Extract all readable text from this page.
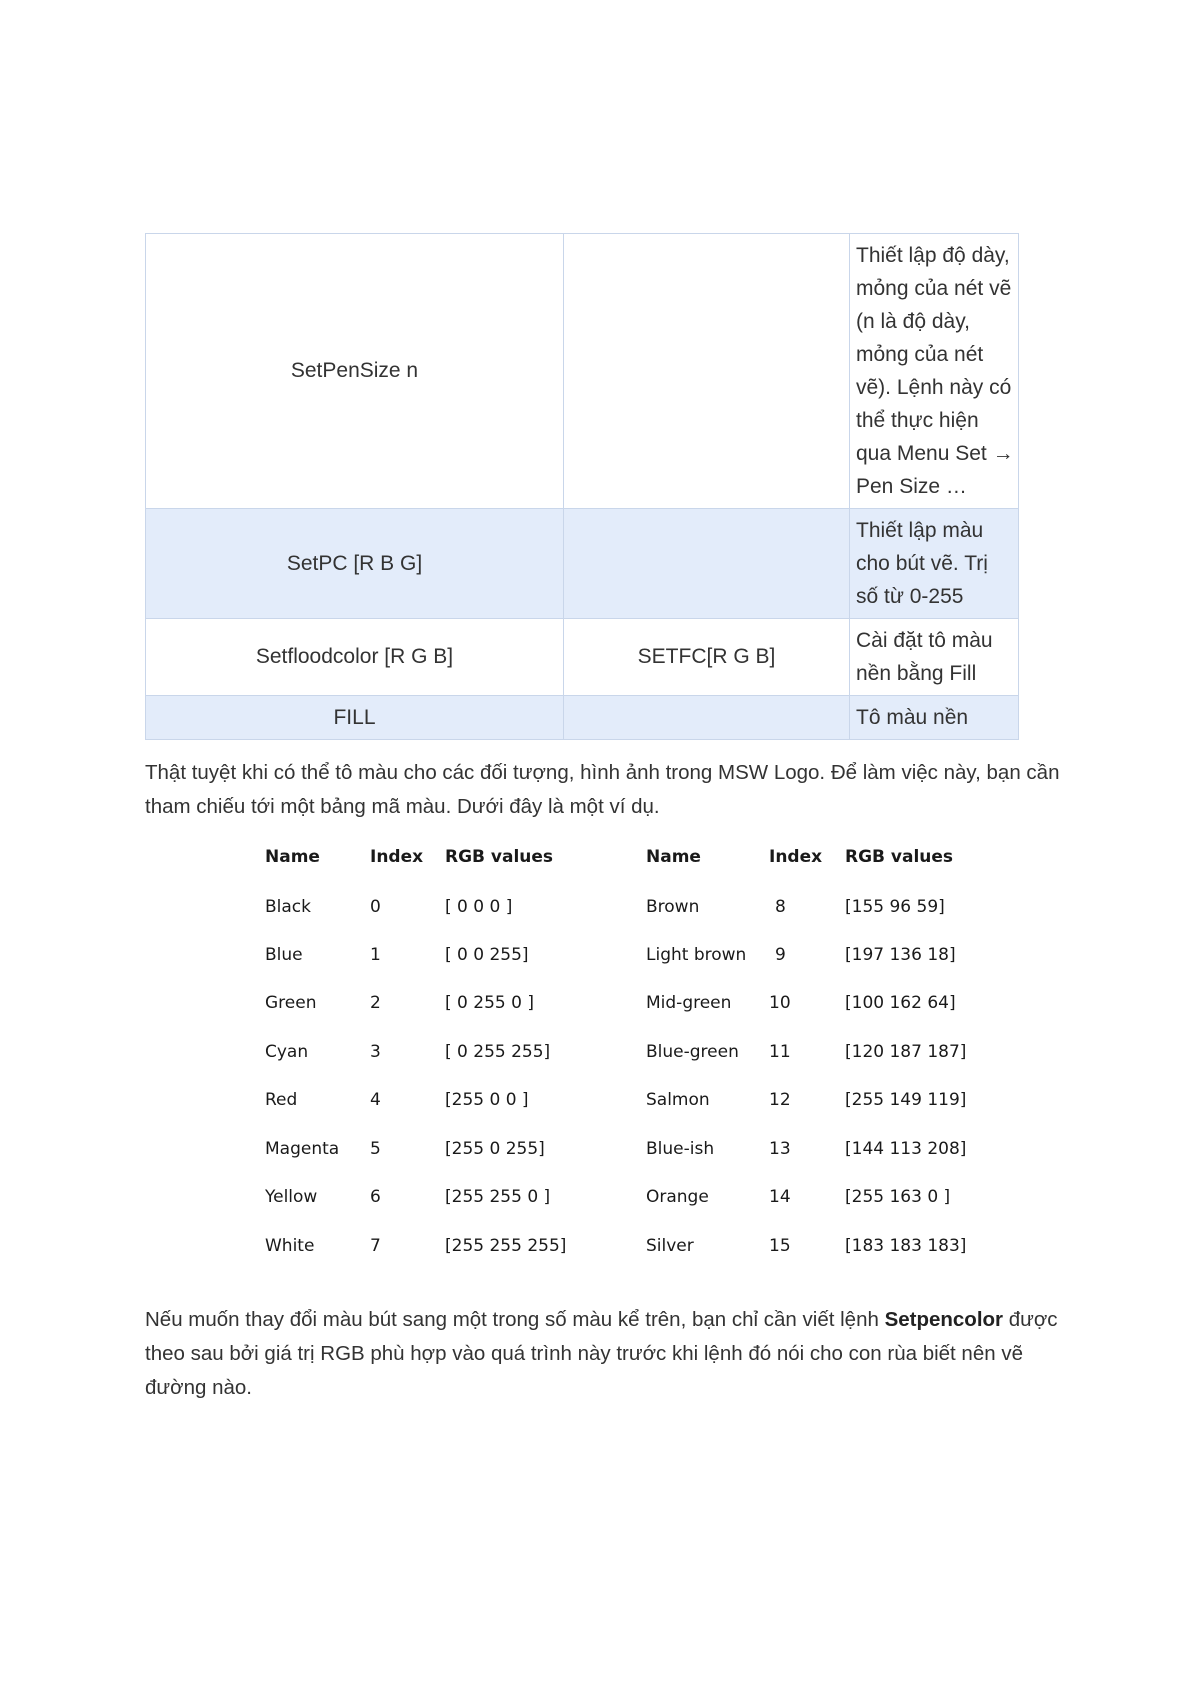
SetPenSize n		Thiết lập độ dày, mỏng của nét vẽ (n là độ dày, mỏng của nét vẽ). Lệnh này có thể thực hiện qua Menu Set → Pen Size …
SetPC [R B G]		Thiết lập màu cho bút vẽ. Trị số từ 0-255
Setfloodcolor [R G B]	SETFC[R G B]	Cài đặt tô màu nền bằng Fill
FILL		Tô màu nền

Thật tuyệt khi có thể tô màu cho các đối tượng, hình ảnh trong MSW Logo. Để làm việc này, bạn cần tham chiếu tới một bảng mã màu. Dưới đây là một ví dụ.

Name	Index RGB values	Name	Index RGB values
Black	0	[ 0 0 0 ]	Brown	8	[155 96 59]
Blue	1	[ 0 0 255]	Light brown 9	[197 136 18]
Green	2	[ 0 255 0 ]	Mid-green 10	[100 162 64]
Cyan	3	[ 0 255 255]	Blue-green 11	[120 187 187]
Red	4	[255 0 0 ]	Salmon	12	[255 149 119]
Magenta 5	[255 0 255]	Blue-ish	13	[144 113 208]
Yellow	6	[255 255 0 ]	Orange	14	[255 163 0 ]
White	7	[255 255 255]	Silver	15	[183 183 183]

Nếu muốn thay đổi màu bút sang một trong số màu kể trên, bạn chỉ cần viết lệnh Setpencolor được theo sau bởi giá trị RGB phù hợp vào quá trình này trước khi lệnh đó nói cho con rùa biết nên vẽ đường nào.
